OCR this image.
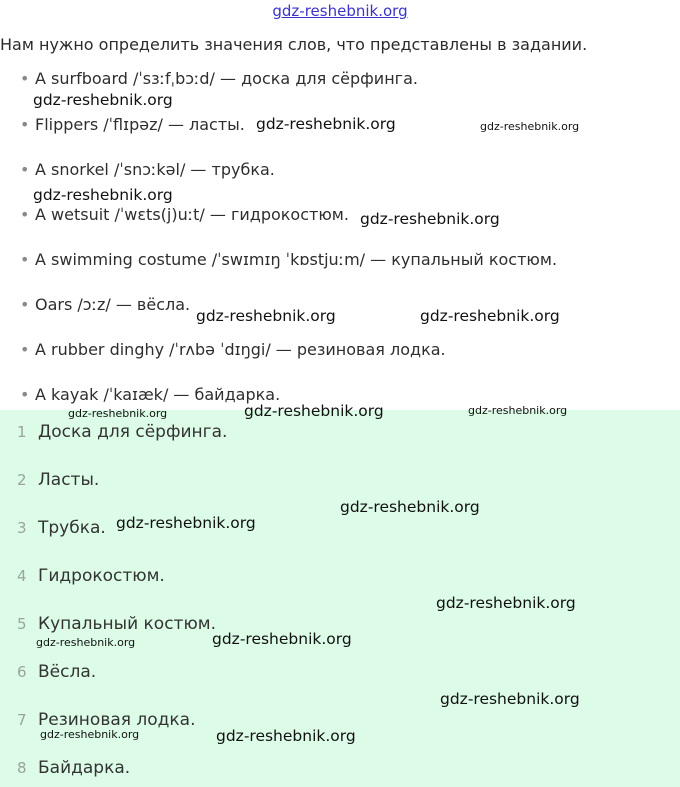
gdz-reshebnik.org
Нам нужно определить значения слов, что представлены в задании.
• A surfboard /ˈsɜːfˌbɔːd/ — доска для сёрфинга.
• Flippers /ˈflɪpəz/ — ласты.
• A snorkel /ˈsnɔːkəl/ — трубка.
• A wetsuit /ˈwɛts(j)uːt/ — гидрокостюм.
• A swimming costume /ˈswɪmɪŋ ˈkɒstjuːm/ — купальный костюм.
• Oars /ɔːz/ — вёсла.
• A rubber dinghy /ˈrʌbə ˈdɪŋgi/ — резиновая лодка.
• A kayak /ˈkaɪæk/ — байдарка.
1 Доска для сёрфинга.
2 Ласты.
3 Трубка.
4 Гидрокостюм.
5 Купальный костюм.
6 Вёсла.
7 Резиновая лодка.
8 Байдарка.
gdz-reshebnik.org
gdz-reshebnik.org	gdz-reshebnik.org
gdz-reshebnik.org
gdz-reshebnik.org
gdz-reshebnik.org	gdz-reshebnik.org
gdz-reshebnik.org	gdz-reshebnik.org	gdz-reshebnik.org
gdz-reshebnik.org
gdz-reshebnik.org
gdz-reshebnik.org
gdz-reshebnik.org	gdz-reshebnik.org
gdz-reshebnik.org
gdz-reshebnik.org	gdz-reshebnik.org
